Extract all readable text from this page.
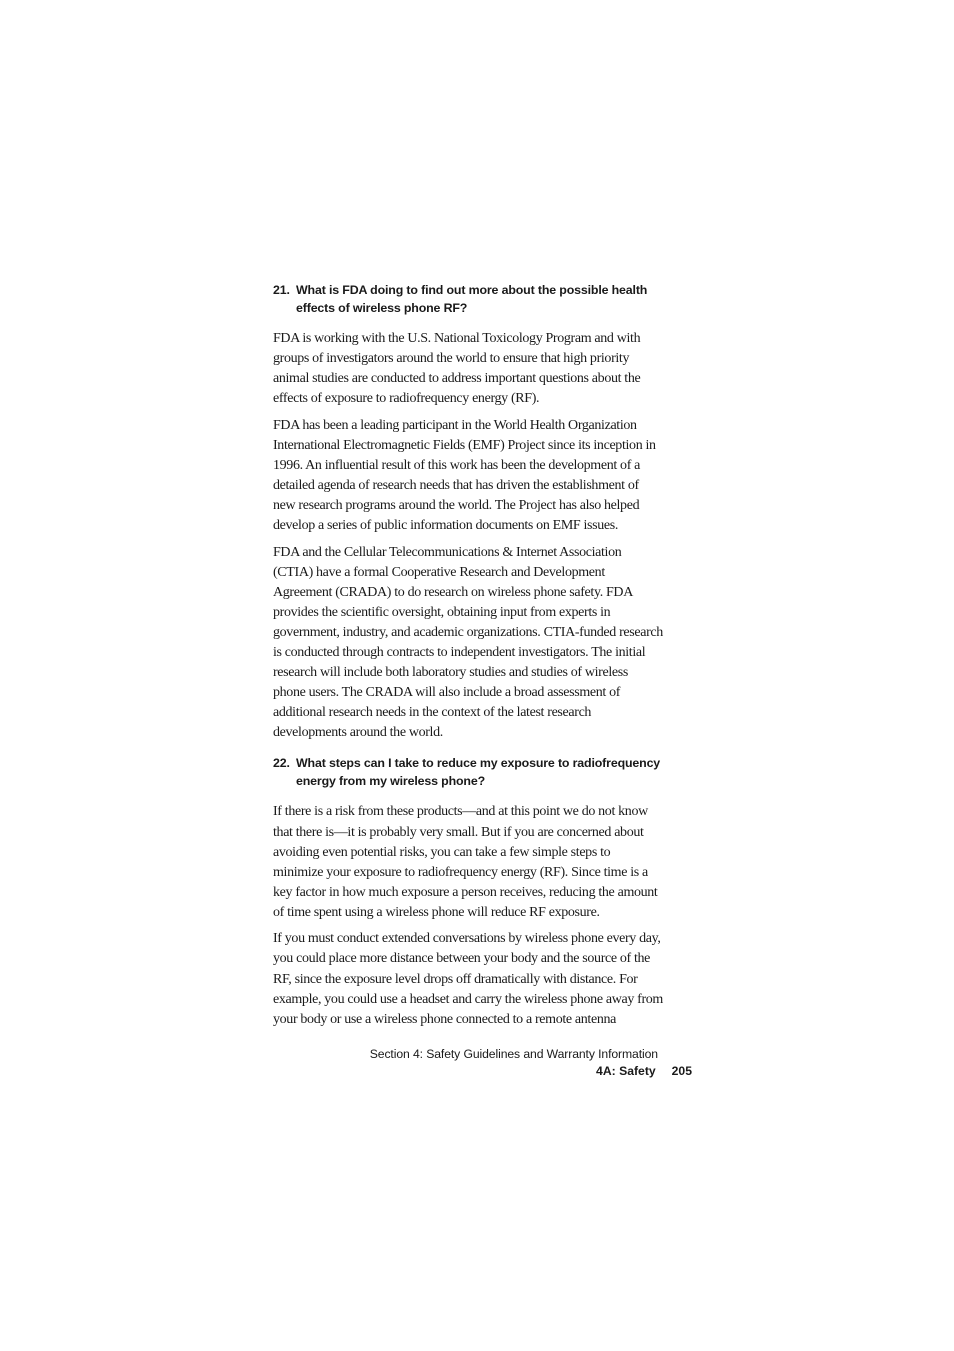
21. What is FDA doing to find out more about the possible health effects of wireless phone RF?

FDA is working with the U.S. National Toxicology Program and with groups of investigators around the world to ensure that high priority animal studies are conducted to address important questions about the effects of exposure to radiofrequency energy (RF).

FDA has been a leading participant in the World Health Organization International Electromagnetic Fields (EMF) Project since its inception in 1996. An influential result of this work has been the development of a detailed agenda of research needs that has driven the establishment of new research programs around the world. The Project has also helped develop a series of public information documents on EMF issues.

FDA and the Cellular Telecommunications & Internet Association (CTIA) have a formal Cooperative Research and Development Agreement (CRADA) to do research on wireless phone safety. FDA provides the scientific oversight, obtaining input from experts in government, industry, and academic organizations. CTIA-funded research is conducted through contracts to independent investigators. The initial research will include both laboratory studies and studies of wireless phone users. The CRADA will also include a broad assessment of additional research needs in the context of the latest research developments around the world.

22. What steps can I take to reduce my exposure to radiofrequency energy from my wireless phone?

If there is a risk from these products—and at this point we do not know that there is—it is probably very small. But if you are concerned about avoiding even potential risks, you can take a few simple steps to minimize your exposure to radiofrequency energy (RF). Since time is a key factor in how much exposure a person receives, reducing the amount of time spent using a wireless phone will reduce RF exposure.

If you must conduct extended conversations by wireless phone every day, you could place more distance between your body and the source of the RF, since the exposure level drops off dramatically with distance. For example, you could use a headset and carry the wireless phone away from your body or use a wireless phone connected to a remote antenna

Section 4: Safety Guidelines and Warranty Information
4A: Safety 205
